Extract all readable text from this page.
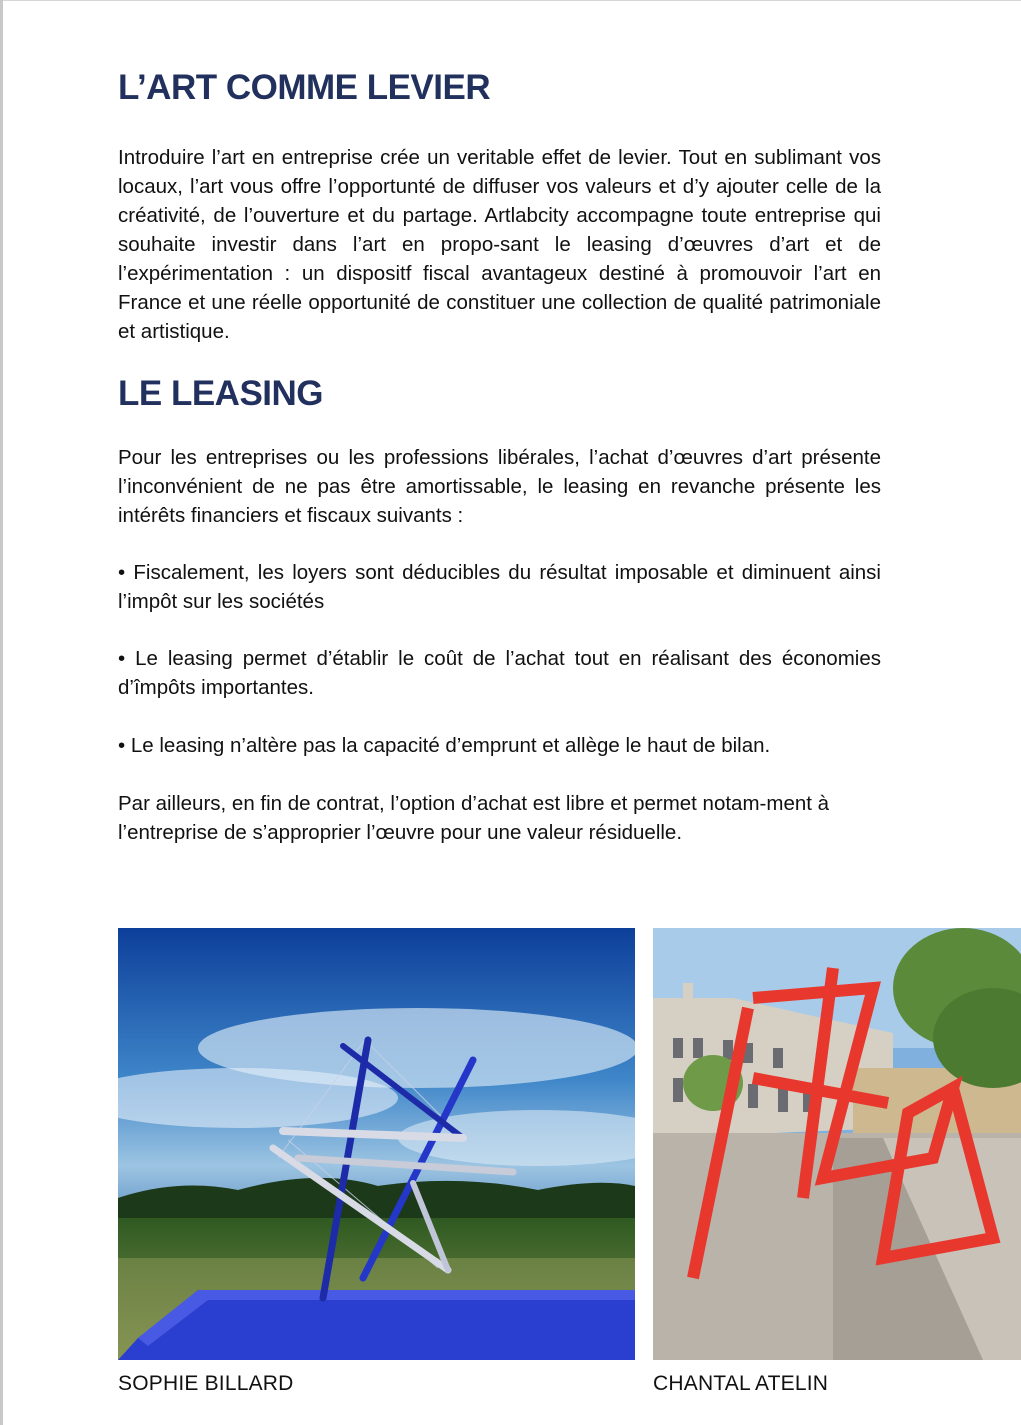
L’ART COMME LEVIER

Introduire l’art en entreprise crée un veritable effet de levier. Tout en sublimant vos locaux, l’art vous offre l’opportunté de diffuser vos valeurs et d’y ajouter celle de la créativité, de l’ouverture et du partage. Artlabcity accompagne toute entreprise qui souhaite investir dans l’art en propo-sant le leasing d’œuvres d’art et de l’expérimentation : un dispositf fiscal avantageux destiné à promouvoir l’art en France et une réelle opportunité de constituer une collection de qualité patrimoniale et artistique.

LE LEASING

Pour les entreprises ou les professions libérales, l’achat d’œuvres d’art présente l’inconvénient de ne pas être amortissable, le leasing en revanche présente les intérêts financiers et fiscaux suivants :

• Fiscalement, les loyers sont déducibles du résultat imposable et diminuent ainsi l’impôt sur les sociétés

• Le leasing permet d’établir le coût de l’achat tout en réalisant des économies d’împôts importantes.

• Le leasing n’altère pas la capacité d’emprunt et allège le haut de bilan.

Par ailleurs, en fin de contrat, l’option d’achat est libre et permet notam-ment à l’entreprise de s’approprier l’œuvre pour une valeur résiduelle.

SOPHIE BILLARD	CHANTAL ATELIN
